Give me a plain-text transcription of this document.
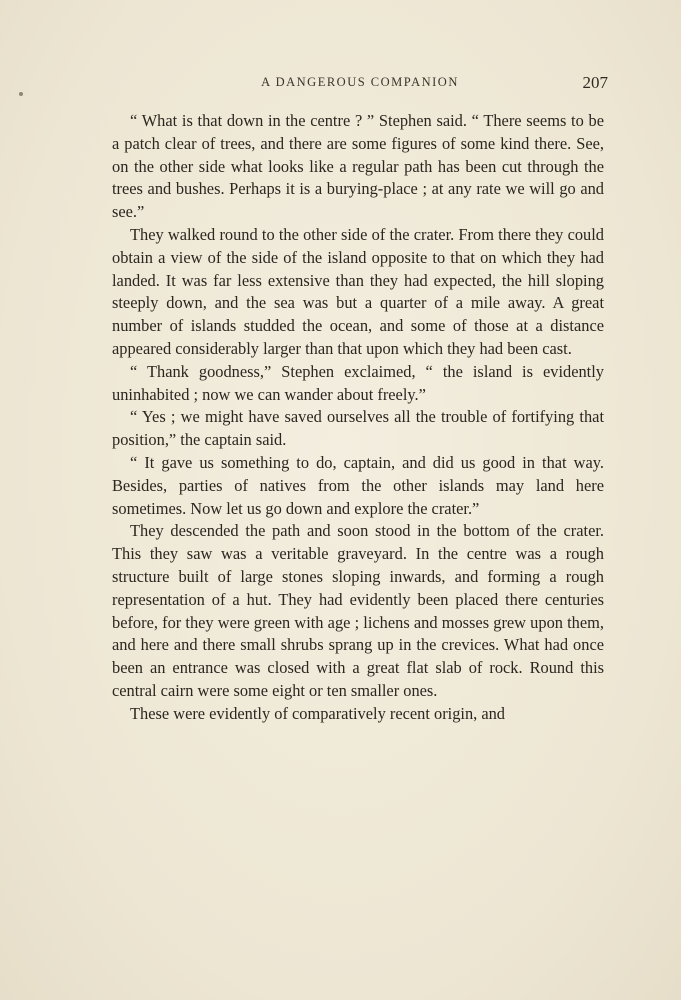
A DANGEROUS COMPANION	207

“ What is that down in the centre ? ” Stephen said. “ There seems to be a patch clear of trees, and there are some figures of some kind there. See, on the other side what looks like a regular path has been cut through the trees and bushes. Perhaps it is a burying-place ; at any rate we will go and see.”

They walked round to the other side of the crater. From there they could obtain a view of the side of the island opposite to that on which they had landed. It was far less extensive than they had expected, the hill sloping steeply down, and the sea was but a quarter of a mile away. A great number of islands studded the ocean, and some of those at a distance appeared considerably larger than that upon which they had been cast.

“ Thank goodness,” Stephen exclaimed, “ the island is evidently uninhabited ; now we can wander about freely.”

“ Yes ; we might have saved ourselves all the trouble of fortifying that position,” the captain said.

“ It gave us something to do, captain, and did us good in that way. Besides, parties of natives from the other islands may land here sometimes. Now let us go down and explore the crater.”

They descended the path and soon stood in the bottom of the crater. This they saw was a veritable graveyard. In the centre was a rough structure built of large stones sloping inwards, and forming a rough representation of a hut. They had evidently been placed there centuries before, for they were green with age ; lichens and mosses grew upon them, and here and there small shrubs sprang up in the crevices. What had once been an entrance was closed with a great flat slab of rock. Round this central cairn were some eight or ten smaller ones.

These were evidently of comparatively recent origin, and
